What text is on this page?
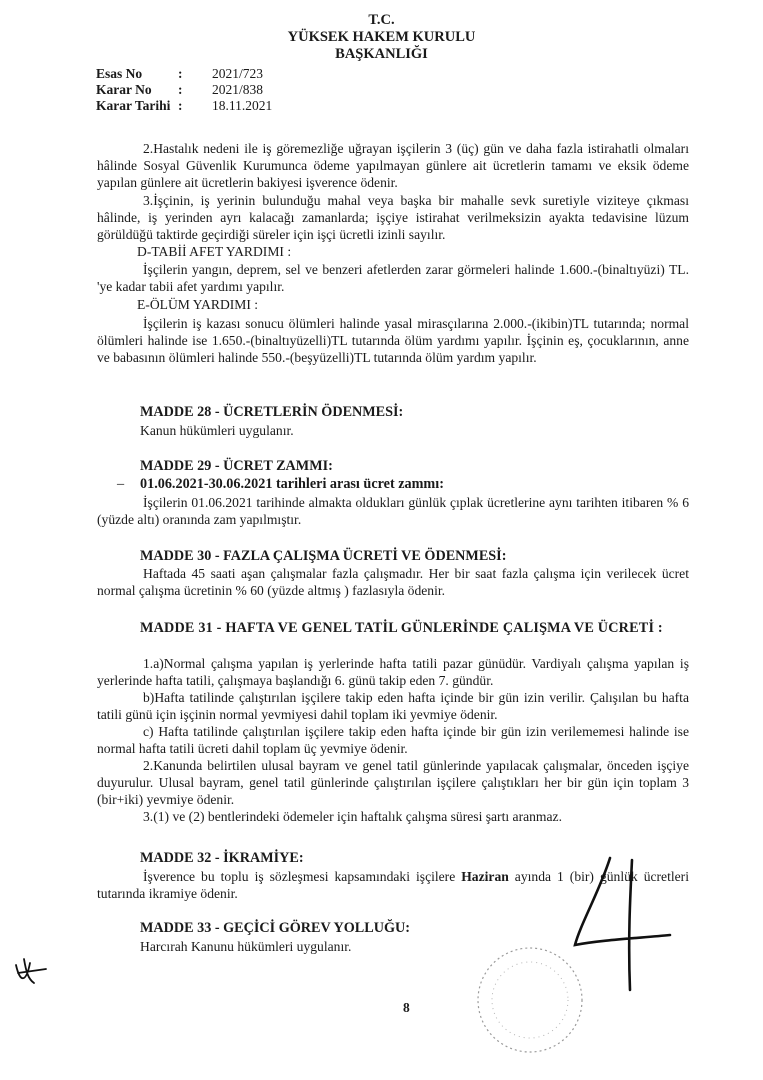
T.C.
YÜKSEK HAKEM KURULU
BAŞKANLIĞI
Esas No	:	2021/723
Karar No	:	2021/838
Karar Tarihi :	18.11.2021

2.Hastalık nedeni ile iş göremezliğe uğrayan işçilerin 3 (üç) gün ve daha fazla istirahatli olmaları hâlinde Sosyal Güvenlik Kurumunca ödeme yapılmayan günlere ait ücretlerin tamamı ve eksik ödeme yapılan günlere ait ücretlerin bakiyesi işverence ödenir.

3.İşçinin, iş yerinin bulunduğu mahal veya başka bir mahalle sevk suretiyle viziteye çıkması hâlinde, iş yerinden ayrı kalacağı zamanlarda; işçiye istirahat verilmeksizin ayakta tedavisine lüzum görüldüğü taktirde geçirdiği süreler için işçi ücretli izinli sayılır.

D-TABİİ AFET YARDIMI :

İşçilerin yangın, deprem, sel ve benzeri afetlerden zarar görmeleri halinde 1.600.-(binaltıyüzi) TL. 'ye kadar tabii afet yardımı yapılır.

E-ÖLÜM YARDIMI :

İşçilerin iş kazası sonucu ölümleri halinde yasal mirasçılarına 2.000.-(ikibin)TL tutarında; normal ölümleri halinde ise 1.650.-(binaltıyüzelli)TL tutarında ölüm yardımı yapılır. İşçinin eş, çocuklarının, anne ve babasının ölümleri halinde 550.-(beşyüzelli)TL tutarında ölüm yardım yapılır.

MADDE 28 - ÜCRETLERİN ÖDENMESİ:
Kanun hükümleri uygulanır.
MADDE 29 - ÜCRET ZAMMI:
– 01.06.2021-30.06.2021 tarihleri arası ücret zammı:

İşçilerin 01.06.2021 tarihinde almakta oldukları günlük çıplak ücretlerine aynı tarihten itibaren % 6 (yüzde altı) oranında zam yapılmıştır.

MADDE 30 - FAZLA ÇALIŞMA ÜCRETİ VE ÖDENMESİ:

Haftada 45 saati aşan çalışmalar fazla çalışmadır. Her bir saat fazla çalışma için verilecek ücret normal çalışma ücretinin % 60 (yüzde altmış ) fazlasıyla ödenir.

MADDE 31 - HAFTA VE GENEL TATİL GÜNLERİNDE ÇALIŞMA VE ÜCRETİ :

1.a)Normal çalışma yapılan iş yerlerinde hafta tatili pazar günüdür. Vardiyalı çalışma yapılan iş yerlerinde hafta tatili, çalışmaya başlandığı 6. günü takip eden 7. gündür.

b)Hafta tatilinde çalıştırılan işçilere takip eden hafta içinde bir gün izin verilir. Çalışılan bu hafta tatili günü için işçinin normal yevmiyesi dahil toplam iki yevmiye ödenir.

c) Hafta tatilinde çalıştırılan işçilere takip eden hafta içinde bir gün izin verilememesi halinde ise normal hafta tatili ücreti dahil toplam üç yevmiye ödenir.

2.Kanunda belirtilen ulusal bayram ve genel tatil günlerinde yapılacak çalışmalar, önceden işçiye duyurulur. Ulusal bayram, genel tatil günlerinde çalıştırılan işçilere çalıştıkları her bir gün için toplam 3 (bir+iki) yevmiye ödenir.

3.(1) ve (2) bentlerindeki ödemeler için haftalık çalışma süresi şartı aranmaz.

MADDE 32 - İKRAMİYE:

İşverence bu toplu iş sözleşmesi kapsamındaki işçilere Haziran ayında 1 (bir) günlük ücretleri tutarında ikramiye ödenir.

MADDE 33 - GEÇİCİ GÖREV YOLLUĞU:
Harcırah Kanunu hükümleri uygulanır.
8
